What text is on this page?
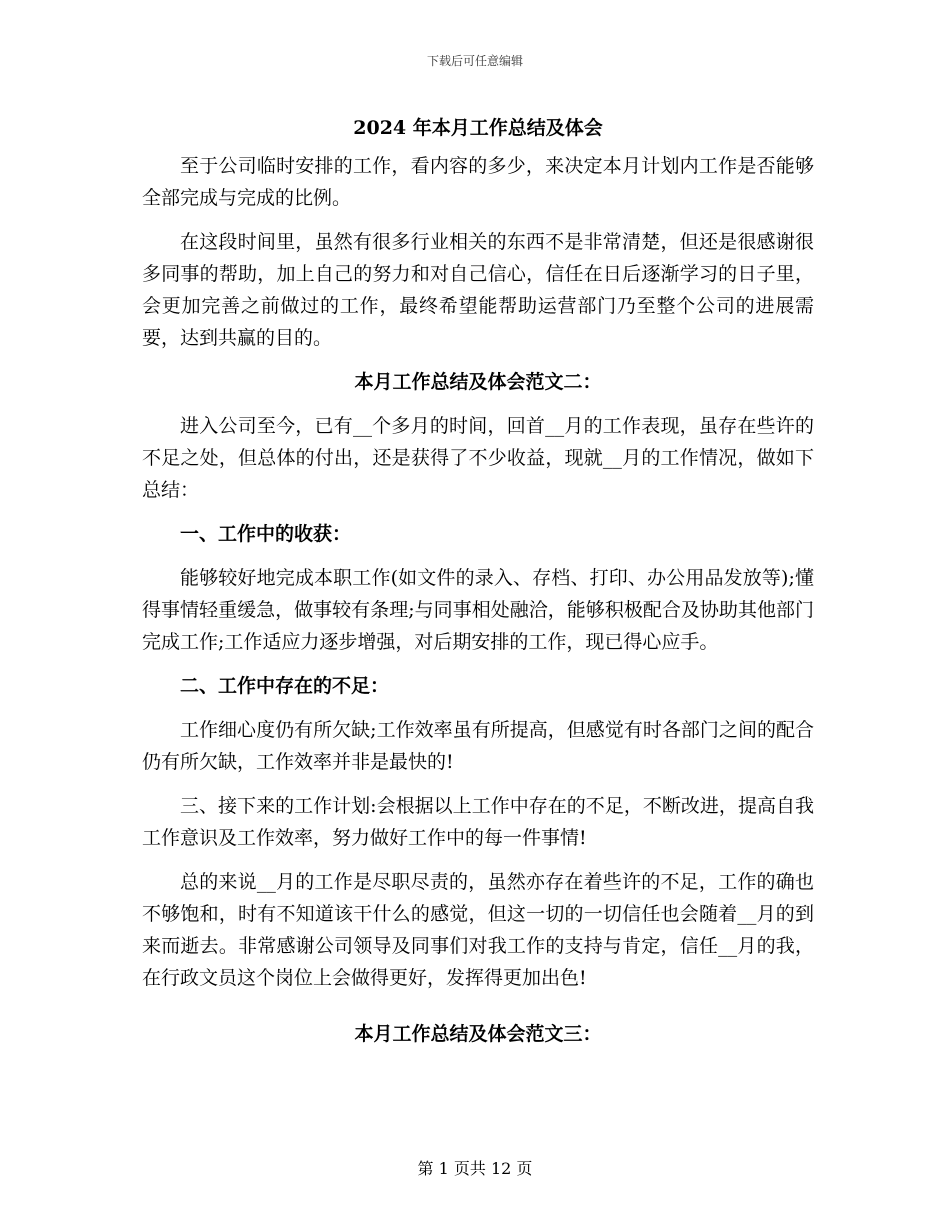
下载后可任意编辑
2024 年本月工作总结及体会

至于公司临时安排的工作，看内容的多少，来决定本月计划内工作是否能够全部完成与完成的比例。

在这段时间里，虽然有很多行业相关的东西不是非常清楚，但还是很感谢很多同事的帮助，加上自己的努力和对自己信心，信任在日后逐渐学习的日子里，会更加完善之前做过的工作，最终希望能帮助运营部门乃至整个公司的进展需要，达到共赢的目的。

本月工作总结及体会范文二：

进入公司至今，已有__个多月的时间，回首__月的工作表现，虽存在些许的不足之处，但总体的付出，还是获得了不少收益，现就__月的工作情况，做如下总结：

一、工作中的收获：

能够较好地完成本职工作(如文件的录入、存档、打印、办公用品发放等);懂得事情轻重缓急，做事较有条理;与同事相处融洽，能够积极配合及协助其他部门完成工作;工作适应力逐步增强，对后期安排的工作，现已得心应手。

二、工作中存在的不足：

工作细心度仍有所欠缺;工作效率虽有所提高，但感觉有时各部门之间的配合仍有所欠缺，工作效率并非是最快的!

三、接下来的工作计划:会根据以上工作中存在的不足，不断改进，提高自我工作意识及工作效率，努力做好工作中的每一件事情!

总的来说__月的工作是尽职尽责的，虽然亦存在着些许的不足，工作的确也不够饱和，时有不知道该干什么的感觉，但这一切的一切信任也会随着__月的到来而逝去。非常感谢公司领导及同事们对我工作的支持与肯定，信任__月的我，在行政文员这个岗位上会做得更好，发挥得更加出色!

本月工作总结及体会范文三：
第 1 页共 12 页
